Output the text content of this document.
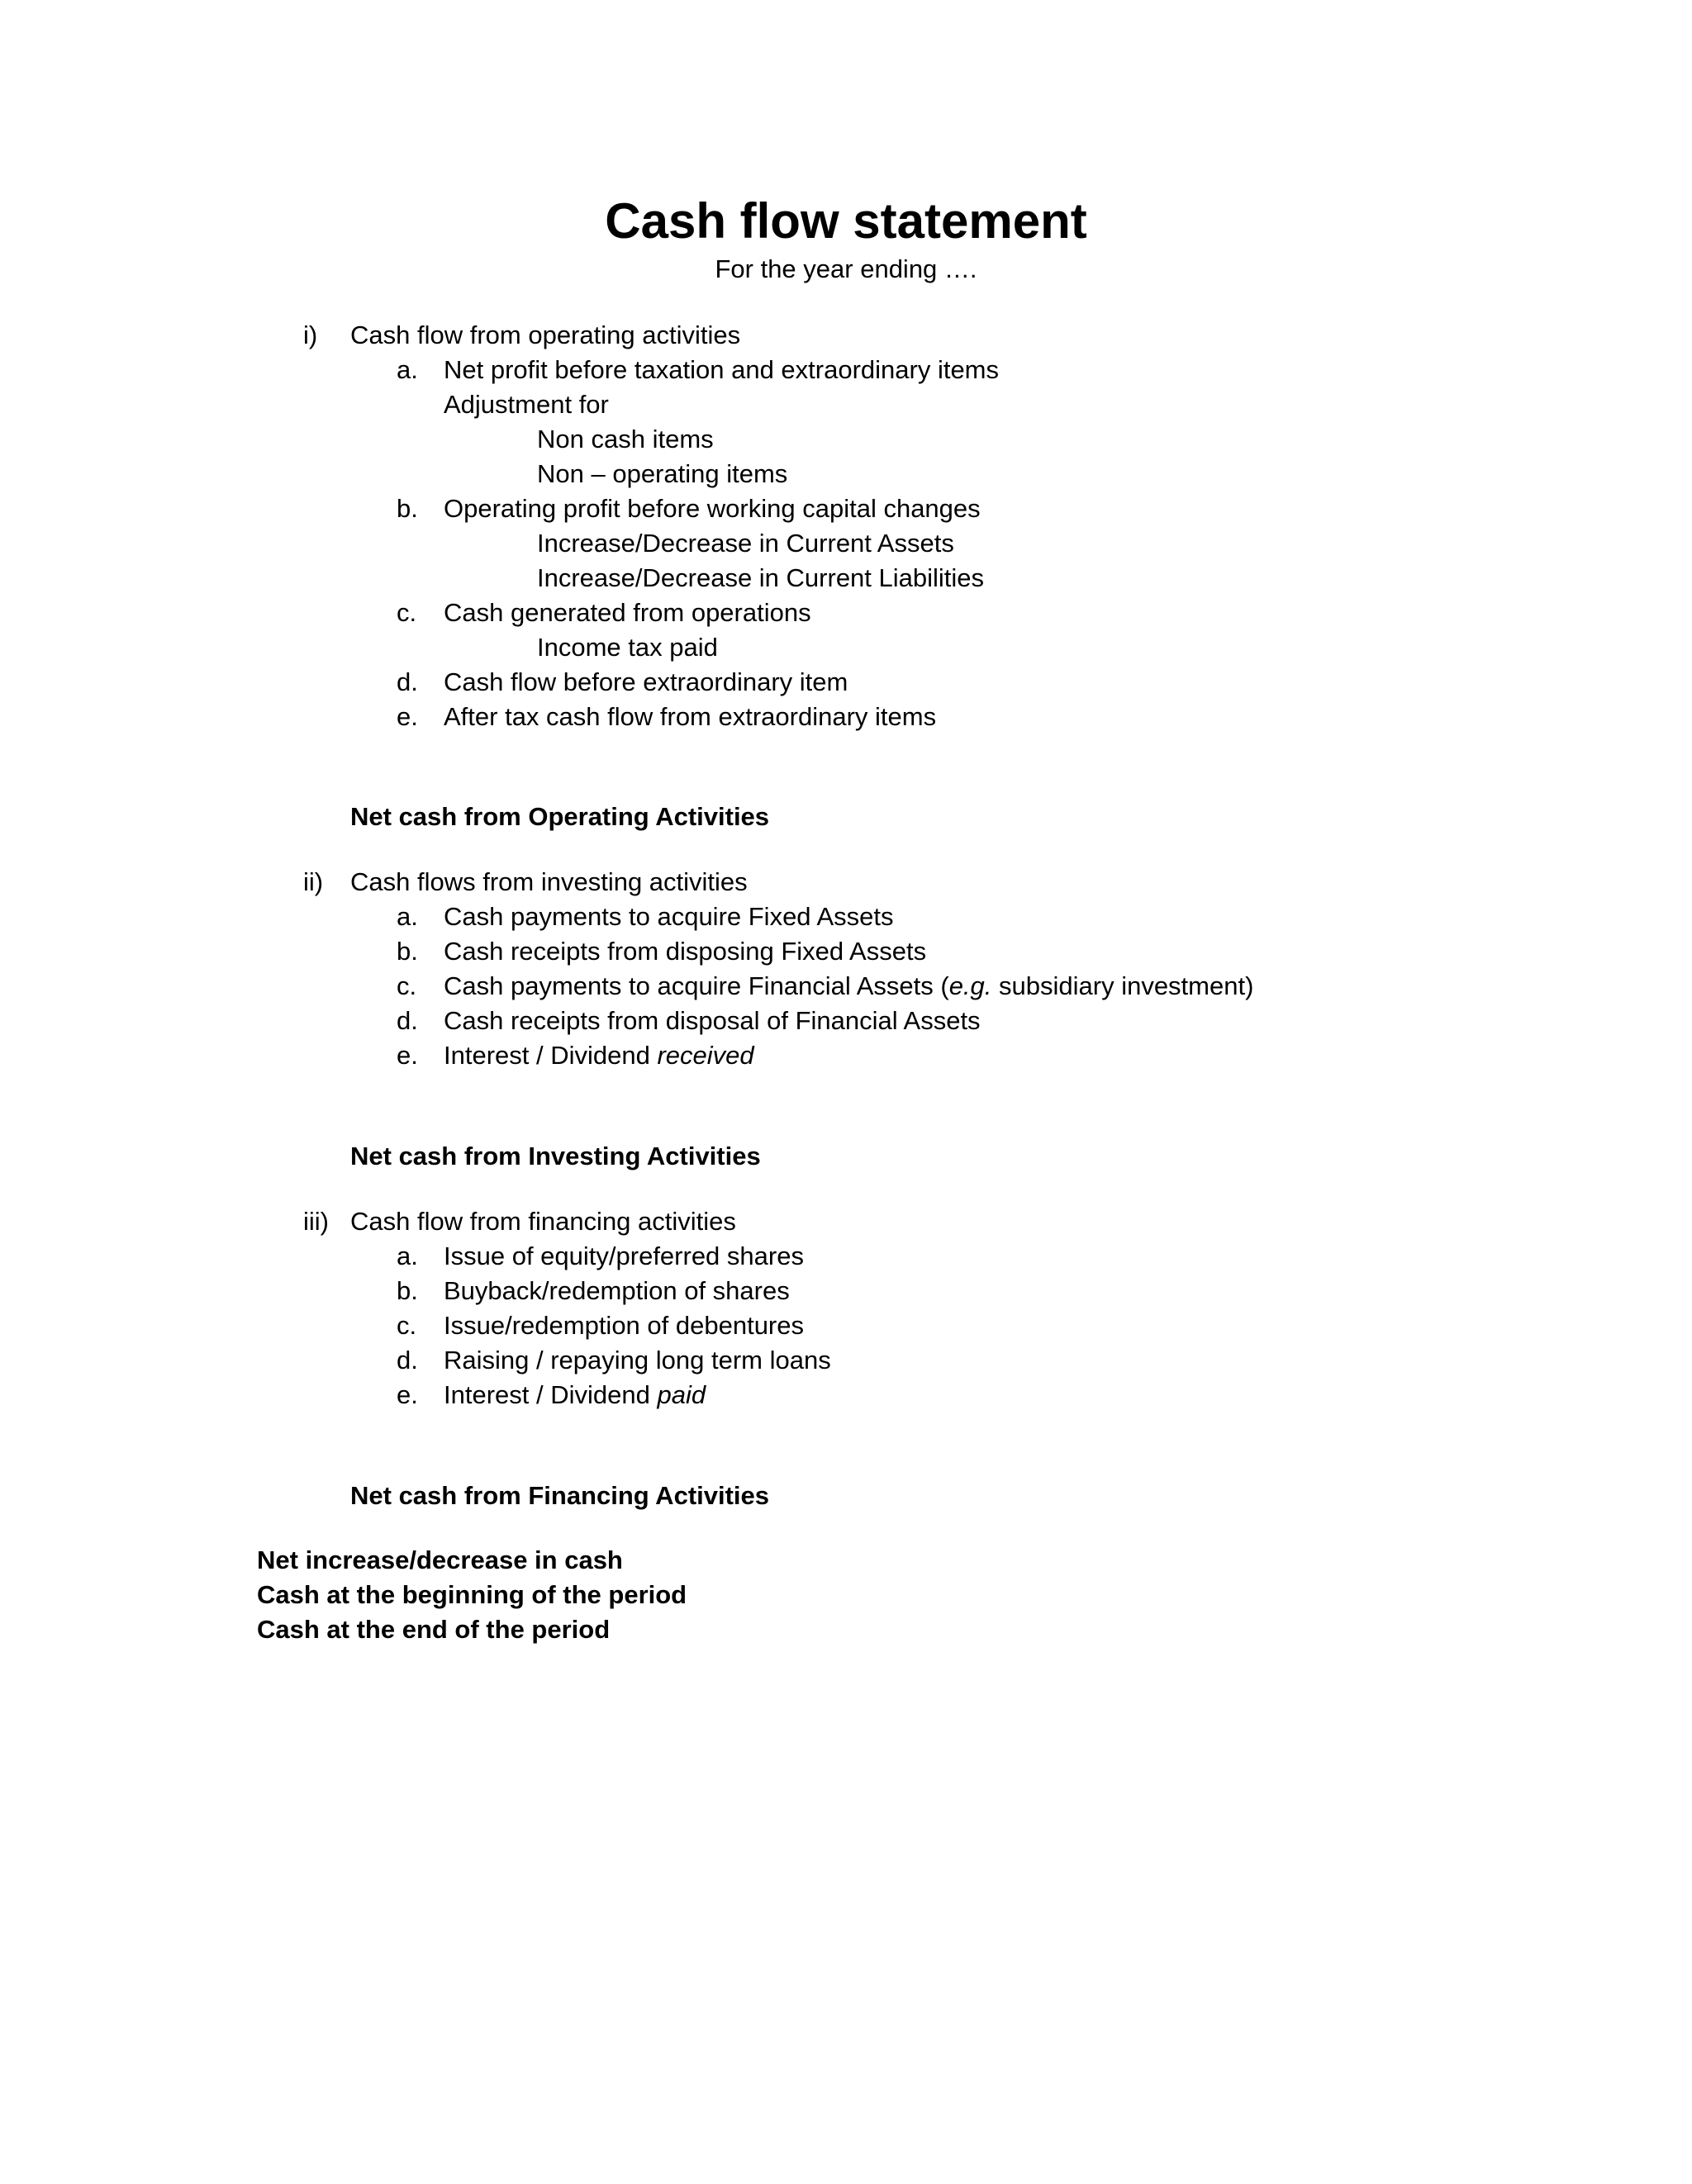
Cash flow statement
For the year ending ….
i) Cash flow from operating activities
a. Net profit before taxation and extraordinary items
Adjustment for
Non cash items
Non – operating items
b. Operating profit before working capital changes
Increase/Decrease in Current Assets
Increase/Decrease in Current Liabilities
c. Cash generated from operations
Income tax paid
d. Cash flow before extraordinary item
e. After tax cash flow from extraordinary items
Net cash from Operating Activities
ii) Cash flows from investing activities
a. Cash payments to acquire Fixed Assets
b. Cash receipts from disposing Fixed Assets
c. Cash payments to acquire Financial Assets (e.g. subsidiary investment)
d. Cash receipts from disposal of Financial Assets
e. Interest / Dividend received
Net cash from Investing Activities
iii) Cash flow from financing activities
a. Issue of equity/preferred shares
b. Buyback/redemption of shares
c. Issue/redemption of debentures
d. Raising / repaying long term loans
e. Interest / Dividend paid
Net cash from Financing Activities
Net increase/decrease in cash
Cash at the beginning of the period
Cash at the end of the period
